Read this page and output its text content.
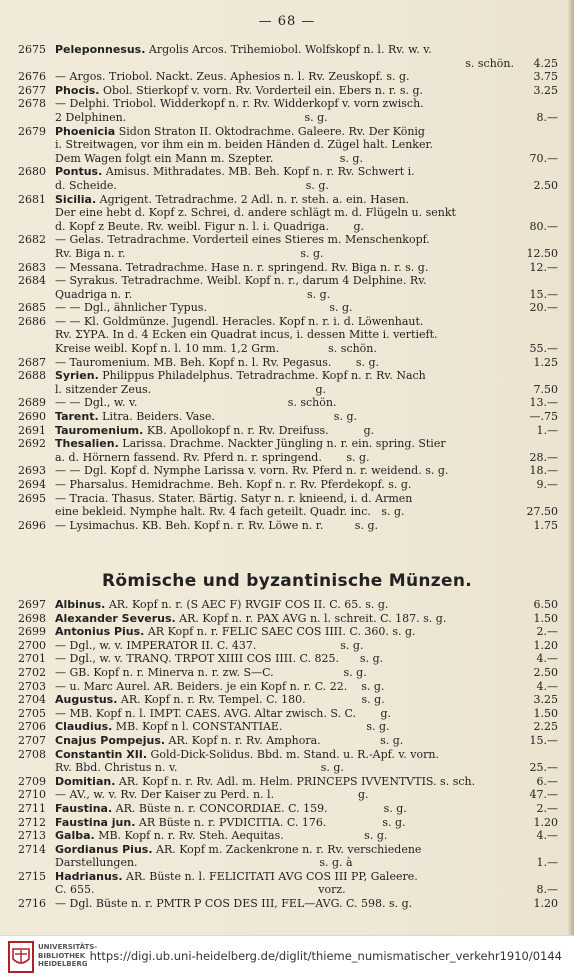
— 68 —
2675 Peleponnesus. Argolis Arcos. Trihemiobol. Wolfskopf n. l. Rv. w. v.
s. schön.	4.25
2676 — Argos. Triobol. Nackt. Zeus. Aphesios n. l. Rv. Zeuskopf. s. g.	3.75
2677 Phocis. Obol. Stierkopf v. vorn. Rv. Vorderteil ein. Ebers n. r. s. g.	3.25
2678 — Delphi. Triobol. Widderkopf n. r. Rv. Widderkopf v. vorn zwisch.
2 Delphinen.                                                   s. g.	8.—
2679 Phoenicia Sidon Straton II. Oktodrachme. Galeere. Rv. Der König
i. Streitwagen, vor ihm ein m. beiden Händen d. Zügel halt. Lenker.
Dem Wagen folgt ein Mann m. Szepter.                   s. g.	70.—
2680 Pontus. Amisus. Mithradates. MB. Beh. Kopf n. r. Rv. Schwert i.
d. Scheide.                                                      s. g.	2.50
2681 Sicilia. Agrigent. Tetradrachme. 2 Adl. n. r. steh. a. ein. Hasen.
Der eine hebt d. Kopf z. Schrei, d. andere schlägt m. d. Flügeln u. senkt
d. Kopf z Beute. Rv. weibl. Figur n. l. i. Quadriga.       g.	80.—
2682 — Gelas. Tetradrachme. Vorderteil eines Stieres m. Menschenkopf.
Rv. Biga n. r.                                                  s. g.	12.50
2683 — Messana. Tetradrachme. Hase n. r. springend. Rv. Biga n. r. s. g.	12.—
2684 — Syrakus. Tetradrachme. Weibl. Kopf n. r., darum 4 Delphine. Rv.
Quadriga n. r.                                                  s. g.	15.—
2685 — — Dgl., ähnlicher Typus.                                   s. g.	20.—
2686 — — Kl. Goldmünze. Jugendl. Heracles. Kopf n. r. i. d. Löwenhaut.
Rv. ΣΥΡΑ. In d. 4 Ecken ein Quadrat incus, i. dessen Mitte i. vertieft.
Kreise weibl. Kopf n. l. 10 mm. 1,2 Grm.              s. schön.	55.—
2687 — Tauromenium. MB. Beh. Kopf n. l. Rv. Pegasus.       s. g.	1.25
2688 Syrien. Philippus Philadelphus. Tetradrachme. Kopf n. r. Rv. Nach
l. sitzender Zeus.                                               g.	7.50
2689 — — Dgl., w. v.                                           s. schön.	13.—
2690 Tarent. Litra. Beiders. Vase.                                  s. g.	—.75
2691 Tauromenium. KB. Apollokopf n. r. Rv. Dreifuss.          g.	1.—
2692 Thesalien. Larissa. Drachme. Nackter Jüngling n. r. ein. spring. Stier
a. d. Hörnern fassend. Rv. Pferd n. r. springend.       s. g.	28.—
2693 — — Dgl. Kopf d. Nymphe Larissa v. vorn. Rv. Pferd n. r. weidend. s. g.	18.—
2694 — Pharsalus. Hemidrachme. Beh. Kopf n. r. Rv. Pferdekopf. s. g.	9.—
2695 — Tracia. Thasus. Stater. Bärtig. Satyr n. r. knieend, i. d. Armen
eine bekleid. Nymphe halt. Rv. 4 fach geteilt. Quadr. inc.   s. g.	27.50
2696 — Lysimachus. KB. Beh. Kopf n. r. Rv. Löwe n. r.         s. g.	1.75
Römische und byzantinische Münzen.
2697 Albinus. AR. Kopf n. r. (S AEC F) RVGIF COS II. C. 65. s. g.	6.50
2698 Alexander Severus. AR. Kopf n. r. PAX AVG n. l. schreit. C. 187. s. g.	1.50
2699 Antonius Pius. AR Kopf n. r. FELIC SAEC COS IIII. C. 360. s. g.	2.—
2700 — Dgl., w. v. IMPERATOR II. C. 437.                        s. g.	1.20
2701 — Dgl., w. v. TRANQ. TRPOT XIIII COS IIII. C. 825.      s. g.	4.—
2702 — GB. Kopf n. r. Minerva n. r. zw. S—C.                    s. g.	2.50
2703 — u. Marc Aurel. AR. Beiders. je ein Kopf n. r. C. 22.    s. g.	4.—
2704 Augustus. AR. Kopf n. r. Rv. Tempel. C. 180.                s. g.	3.25
2705 — MB. Kopf n. l. IMPT. CAES. AVG. Altar zwisch. S. C.       g.	1.50
2706 Claudius. MB. Kopf n l. CONSTANTIAE.                        s. g.	2.25
2707 Cnajus Pompejus. AR. Kopf n. r. Rv. Amphora.                 s. g.	15.—
2708 Constantin XII. Gold-Dick-Solidus. Bbd. m. Stand. u. R.-Apf. v. vorn.
Rv. Bbd. Christus n. v.                                         s. g.	25.—
2709 Domitian. AR. Kopf n. r. Rv. Adl. m. Helm. PRINCEPS IVVENTVTIS. s. sch.	6.—
2710 — AV., w. v. Rv. Der Kaiser zu Perd. n. l.                        g.	47.—
2711 Faustina. AR. Büste n. r. CONCORDIAE. C. 159.                s. g.	2.—
2712 Faustina jun. AR Büste n. r. PVDICITIA. C. 176.                s. g.	1.20
2713 Galba. MB. Kopf n. r. Rv. Steh. Aequitas.                       s. g.	4.—
2714 Gordianus Pius. AR. Kopf m. Zackenkrone n. r. Rv. verschiedene
Darstellungen.                                                    s. g. à	1.—
2715 Hadrianus. AR. Büste n. l. FELICITATI AVG COS III PP, Galeere.
C. 655.                                                                vorz.	8.—
2716 — Dgl. Büste n. r. PMTR P COS DES III, FEL—AVG. C. 598. s. g.	1.20
UNIVERSITÄTS-
BIBLIOTHEK
HEIDELBERG
https://digi.ub.uni-heidelberg.de/diglit/thieme_numismatischer_verkehr1910/0144
